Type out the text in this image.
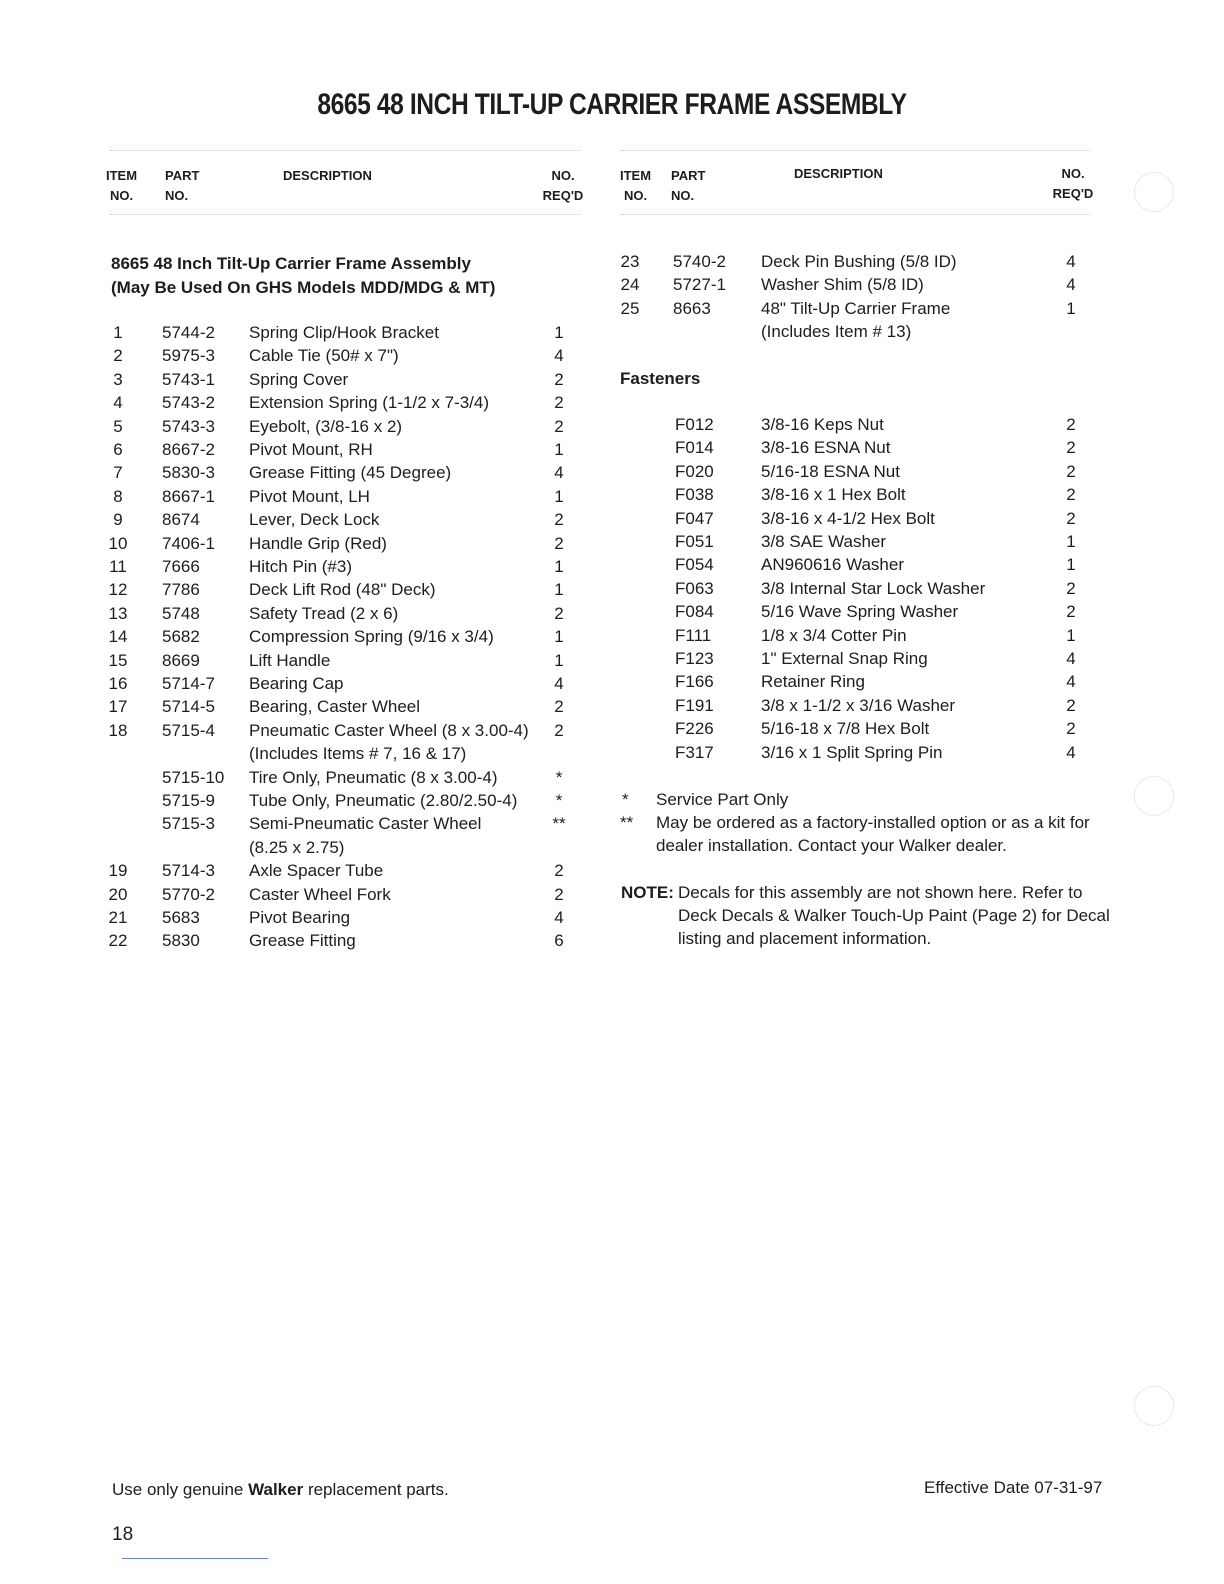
8665 48 INCH TILT-UP CARRIER FRAME ASSEMBLY
ITEM
NO.
PART
NO.
DESCRIPTION	NO.
REQ'D
ITEM
NO.
PART
NO.
DESCRIPTION	NO.
REQ'D
8665 48 Inch Tilt-Up Carrier Frame Assembly
(May Be Used On GHS Models MDD/MDG & MT)
1	5744-2 Spring Clip/Hook Bracket	1
2	5975-3 Cable Tie (50# x 7")	4
3	5743-1 Spring Cover	2
4	5743-2 Extension Spring (1-1/2 x 7-3/4)	2
5	5743-3 Eyebolt, (3/8-16 x 2)	2
6	8667-2 Pivot Mount, RH	1
7	5830-3 Grease Fitting (45 Degree)	4
8	8667-1 Pivot Mount, LH	1
9	8674	Lever, Deck Lock	2
10 7406-1 Handle Grip (Red)	2
11 7666	Hitch Pin (#3)	1
12 7786	Deck Lift Rod (48" Deck)	1
13 5748	Safety Tread (2 x 6)	2
14 5682	Compression Spring (9/16 x 3/4)	1
15 8669	Lift Handle	1
16 5714-7 Bearing Cap	4
17 5714-5 Bearing, Caster Wheel	2
18 5715-4 Pneumatic Caster Wheel (8 x 3.00-4)	2
(Includes Items # 7, 16 & 17)
5715-10 Tire Only, Pneumatic (8 x 3.00-4)	*
5715-9 Tube Only, Pneumatic (2.80/2.50-4)	*
5715-3 Semi-Pneumatic Caster Wheel	**
(8.25 x 2.75)
19 5714-3 Axle Spacer Tube	2
20 5770-2 Caster Wheel Fork	2
21 5683	Pivot Bearing	4
22 5830	Grease Fitting	6
23 5740-2 Deck Pin Bushing (5/8 ID)	4
24 5727-1 Washer Shim (5/8 ID)	4
25 8663	48" Tilt-Up Carrier Frame	1
(Includes Item # 13)
Fasteners
F012	3/8-16 Keps Nut	2
F014	3/8-16 ESNA Nut	2
F020	5/16-18 ESNA Nut	2
F038	3/8-16 x 1 Hex Bolt	2
F047	3/8-16 x 4-1/2 Hex Bolt	2
F051	3/8 SAE Washer	1
F054	AN960616 Washer	1
F063	3/8 Internal Star Lock Washer	2
F084	5/16 Wave Spring Washer	2
F111	1/8 x 3/4 Cotter Pin	1
F123	1" External Snap Ring	4
F166	Retainer Ring	4
F191	3/8 x 1-1/2 x 3/16 Washer	2
F226	5/16-18 x 7/8 Hex Bolt	2
F317	3/16 x 1 Split Spring Pin	4
* Service Part Only
** May be ordered as a factory-installed option or as a kit for
dealer installation. Contact your Walker dealer.
NOTE: Decals for this assembly are not shown here. Refer to
Deck Decals & Walker Touch-Up Paint (Page 2) for Decal
listing and placement information.
Use only genuine Walker replacement parts.	Effective Date 07-31-97
18
